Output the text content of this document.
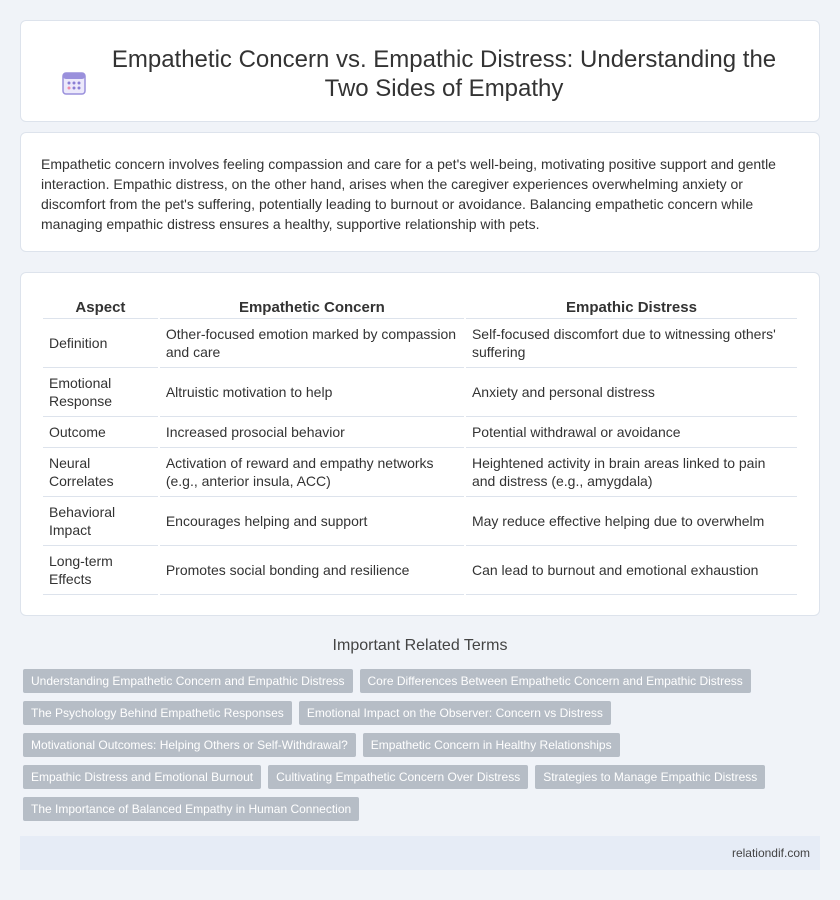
Empathetic Concern vs. Empathic Distress: Understanding the Two Sides of Empathy

Empathetic concern involves feeling compassion and care for a pet's well-being, motivating positive support and gentle interaction. Empathic distress, on the other hand, arises when the caregiver experiences overwhelming anxiety or discomfort from the pet's suffering, potentially leading to burnout or avoidance. Balancing empathetic concern while managing empathic distress ensures a healthy, supportive relationship with pets.

Aspect	Empathetic Concern	Empathic Distress
Definition	Other-focused emotion marked by compassion and care	Self-focused discomfort due to witnessing others' suffering
Emotional Response	Altruistic motivation to help	Anxiety and personal distress
Outcome	Increased prosocial behavior	Potential withdrawal or avoidance
Neural Correlates	Activation of reward and empathy networks (e.g., anterior insula, ACC)	Heightened activity in brain areas linked to pain and distress (e.g., amygdala)
Behavioral Impact	Encourages helping and support	May reduce effective helping due to overwhelm
Long-term Effects	Promotes social bonding and resilience	Can lead to burnout and emotional exhaustion
Important Related Terms
Understanding Empathetic Concern and Empathic Distress	Core Differences Between Empathetic Concern and Empathic Distress
The Psychology Behind Empathetic Responses	Emotional Impact on the Observer: Concern vs Distress
Motivational Outcomes: Helping Others or Self-Withdrawal?	Empathetic Concern in Healthy Relationships
Empathic Distress and Emotional Burnout	Cultivating Empathetic Concern Over Distress	Strategies to Manage Empathic Distress
The Importance of Balanced Empathy in Human Connection
relationdif.com
